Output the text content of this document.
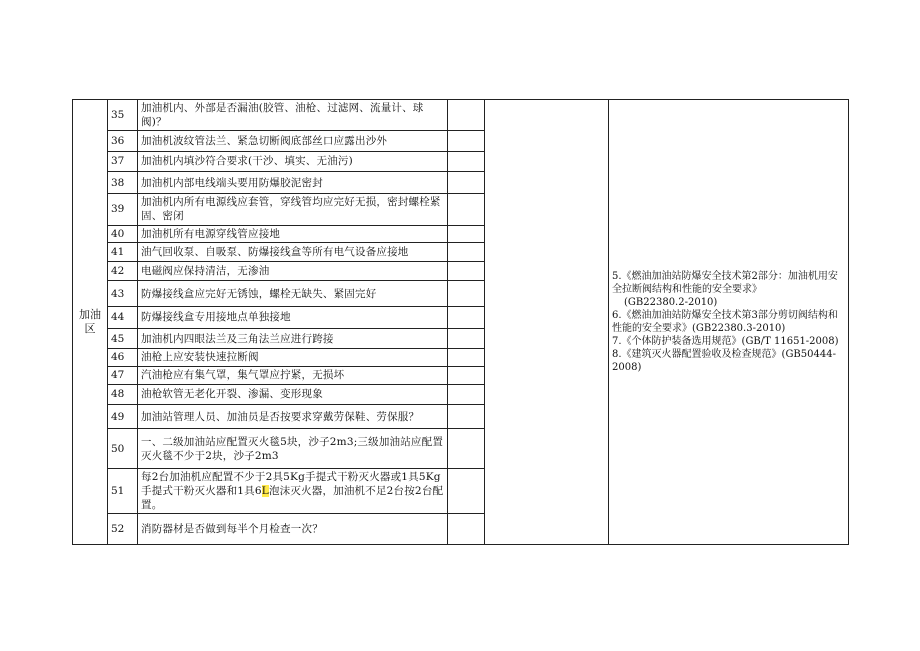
加油区	35	加油机内、外部是否漏油(胶管、油枪、过滤网、流量计、球阀)？			5.《燃油加油站防爆安全技术第2部分：加油机用安全拉断阀结构和性能的安全要求》
(GB22380.2-2010)
6.《燃油加油站防爆安全技术第3部分剪切阀结构和性能的安全要求》(GB22380.3-2010)
7.《个体防护装备选用规范》(GB/T 11651-2008)
8.《建筑灭火器配置验收及检查规范》(GB50444-2008)

	36	加油机波纹管法兰、紧急切断阀底部丝口应露出沙外			
	37	加油机内填沙符合要求(干沙、填实、无油污)			
	38	加油机内部电线端头要用防爆胶泥密封			
	39	加油机内所有电源线应套管，穿线管均应完好无损，密封螺栓紧固、密闭			
	40	加油机所有电源穿线管应接地			
	41	油气回收泵、自吸泵、防爆接线盒等所有电气设备应接地			
	42	电磁阀应保持清洁，无渗油			
	43	防爆接线盒应完好无锈蚀，螺栓无缺失、紧固完好			
	44	防爆接线盒专用接地点单独接地			
	45	加油机内四眼法兰及三角法兰应进行跨接			
	46	油枪上应安装快速拉断阀			
	47	汽油枪应有集气罩，集气罩应拧紧，无损坏			
	48	油枪软管无老化开裂、渗漏、变形现象			
	49	加油站管理人员、加油员是否按要求穿戴劳保鞋、劳保服？			
	50	一、二级加油站应配置灭火毯5块，沙子2m3;三级加油站应配置灭火毯不少于2块，沙子2m3			
	51	每2台加油机应配置不少于2具5Kg手提式干粉灭火器或1具5Kg手提式干粉灭火器和1具6L泡沫灭火器，加油机不足2台按2台配置。			
	52	消防器材是否做到每半个月检查一次？			
